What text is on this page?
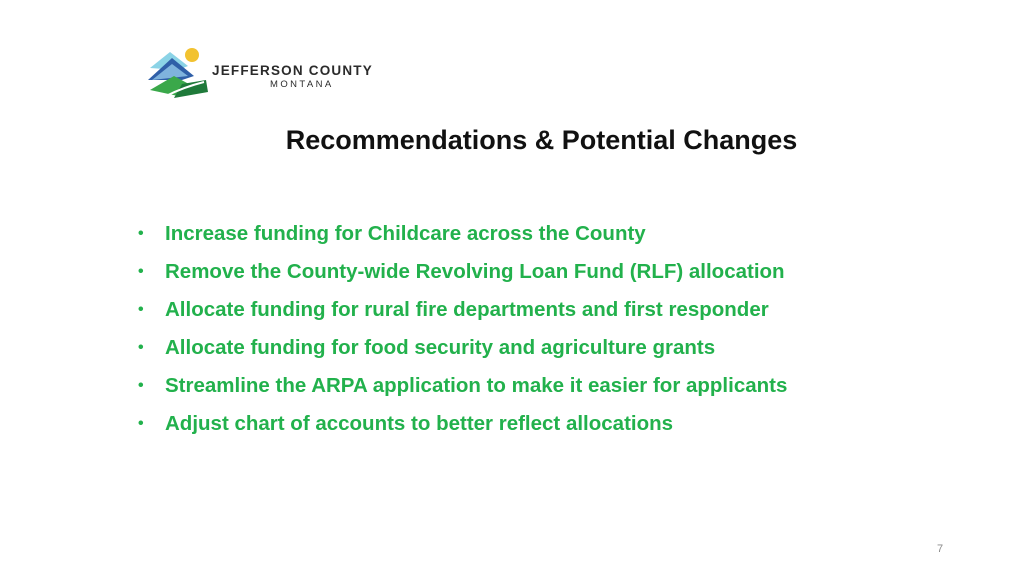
JEFFERSON COUNTY
MONTANA
Recommendations & Potential Changes
• Increase funding for Childcare across the County
• Remove the County-wide Revolving Loan Fund (RLF) allocation
• Allocate funding for rural fire departments and first responder
• Allocate funding for food security and agriculture grants
• Streamline the ARPA application to make it easier for applicants
• Adjust chart of accounts to better reflect allocations
7
